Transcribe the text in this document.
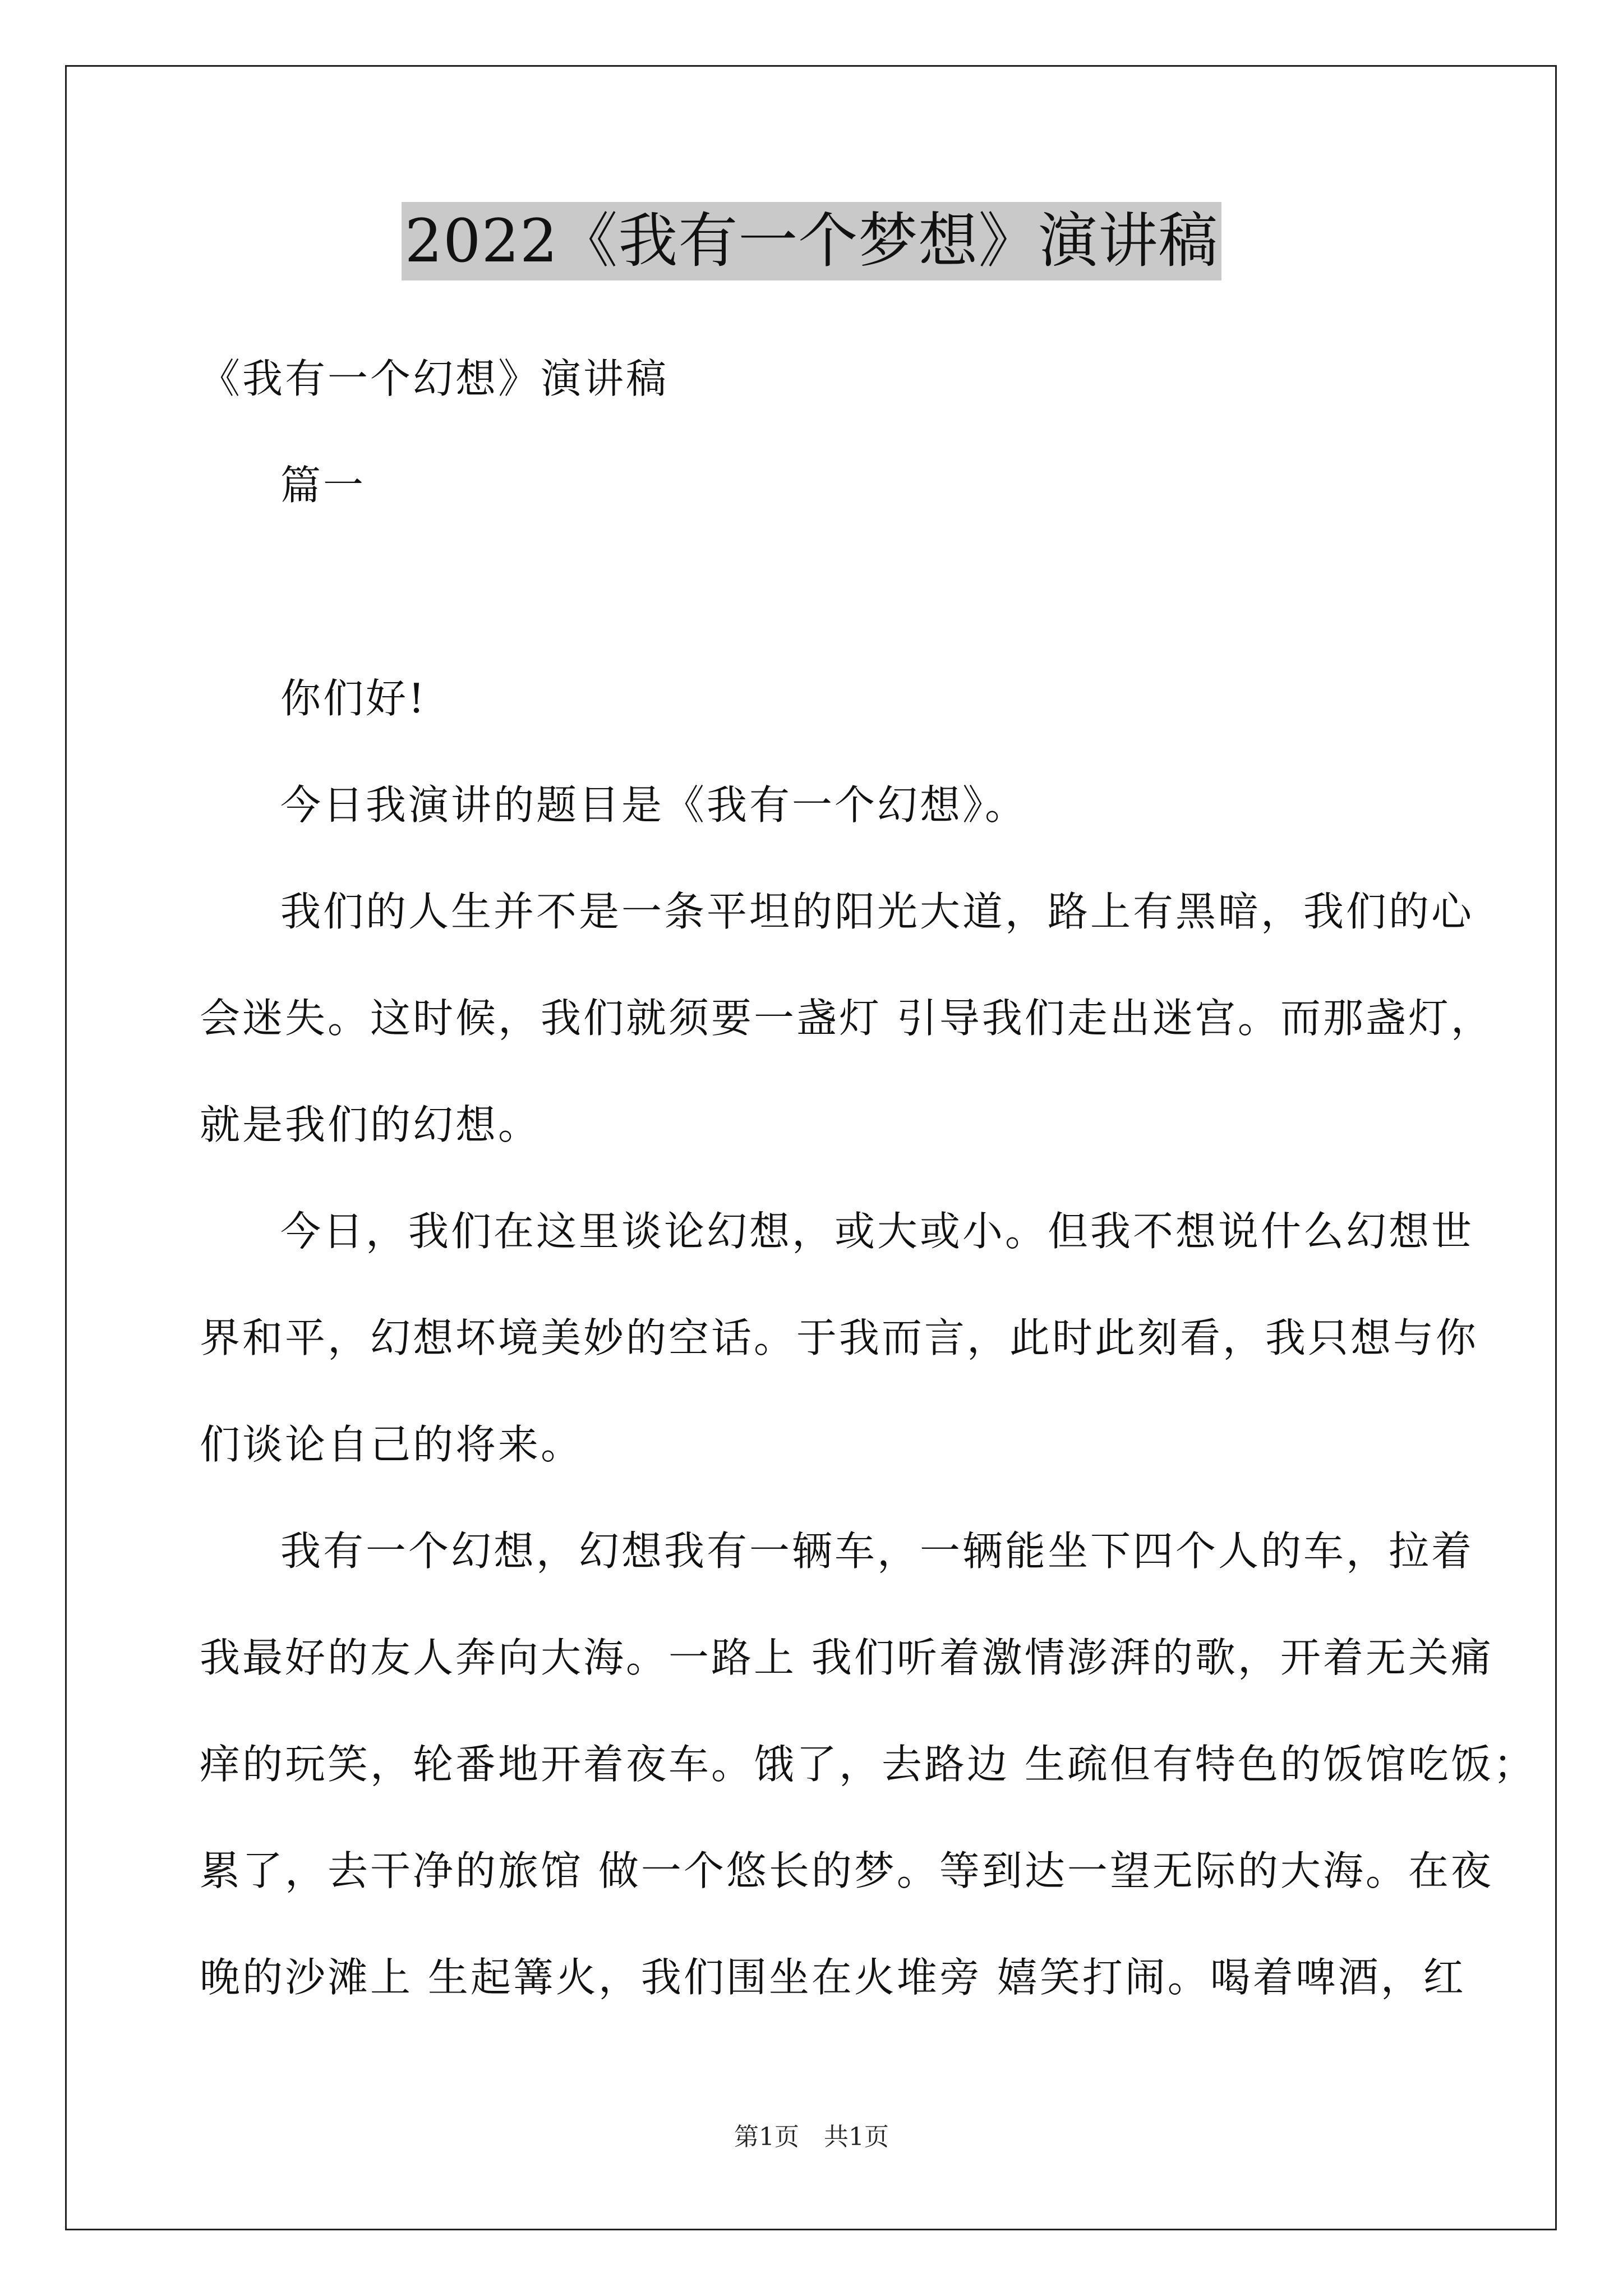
2022《我有一个梦想》演讲稿
《我有一个幻想》演讲稿
篇一
你们好!
今日我演讲的题目是《我有一个幻想》。
我们的人生并不是一条平坦的阳光大道，路上有黑暗，我们的心
会迷失。这时候，我们就须要一盏灯 引导我们走出迷宫。而那盏灯，
就是我们的幻想。
今日，我们在这里谈论幻想，或大或小。但我不想说什么幻想世
界和平，幻想坏境美妙的空话。于我而言，此时此刻看，我只想与你
们谈论自己的将来。
我有一个幻想，幻想我有一辆车，一辆能坐下四个人的车，拉着
我最好的友人奔向大海。一路上 我们听着激情澎湃的歌，开着无关痛
痒的玩笑，轮番地开着夜车。饿了，去路边 生疏但有特色的饭馆吃饭；
累了，去干净的旅馆 做一个悠长的梦。等到达一望无际的大海。在夜
晚的沙滩上 生起篝火，我们围坐在火堆旁 嬉笑打闹。喝着啤酒，红
第1页　共1页
